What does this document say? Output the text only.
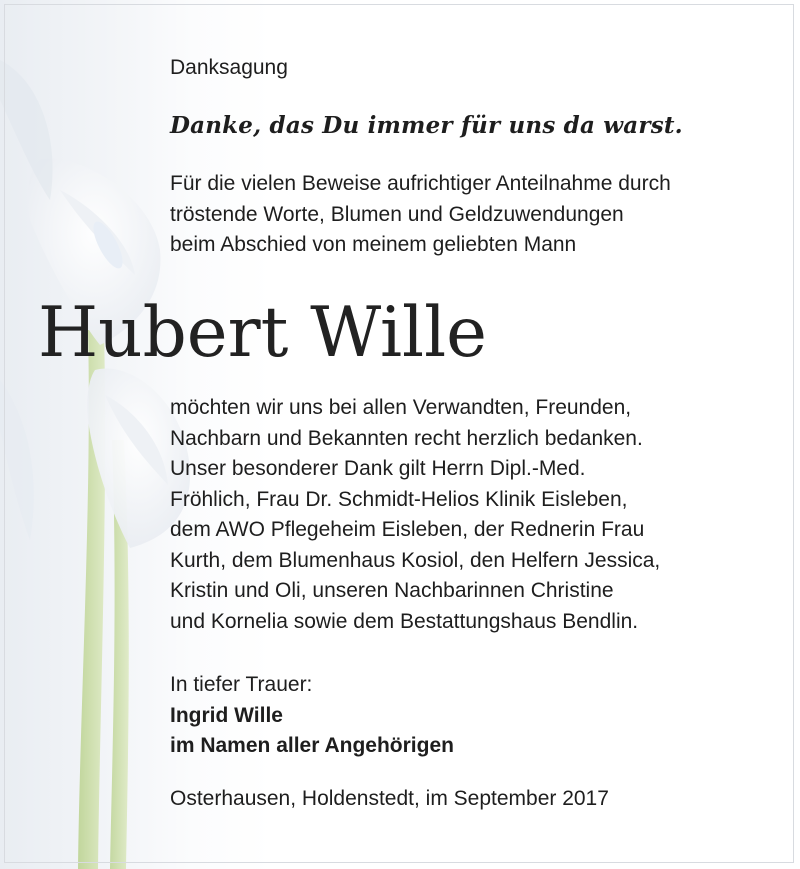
Danksagung
Danke, das Du immer für uns da warst.
Für die vielen Beweise aufrichtiger Anteilnahme durch
tröstende Worte, Blumen und Geldzuwendungen
beim Abschied von meinem geliebten Mann
Hubert Wille
möchten wir uns bei allen Verwandten, Freunden,
Nachbarn und Bekannten recht herzlich bedanken.
Unser besonderer Dank gilt Herrn Dipl.-Med.
Fröhlich, Frau Dr. Schmidt-Helios Klinik Eisleben,
dem AWO Pflegeheim Eisleben, der Rednerin Frau
Kurth, dem Blumenhaus Kosiol, den Helfern Jessica,
Kristin und Oli, unseren Nachbarinnen Christine
und Kornelia sowie dem Bestattungshaus Bendlin.
In tiefer Trauer:
Ingrid Wille
im Namen aller Angehörigen
Osterhausen, Holdenstedt, im September 2017
